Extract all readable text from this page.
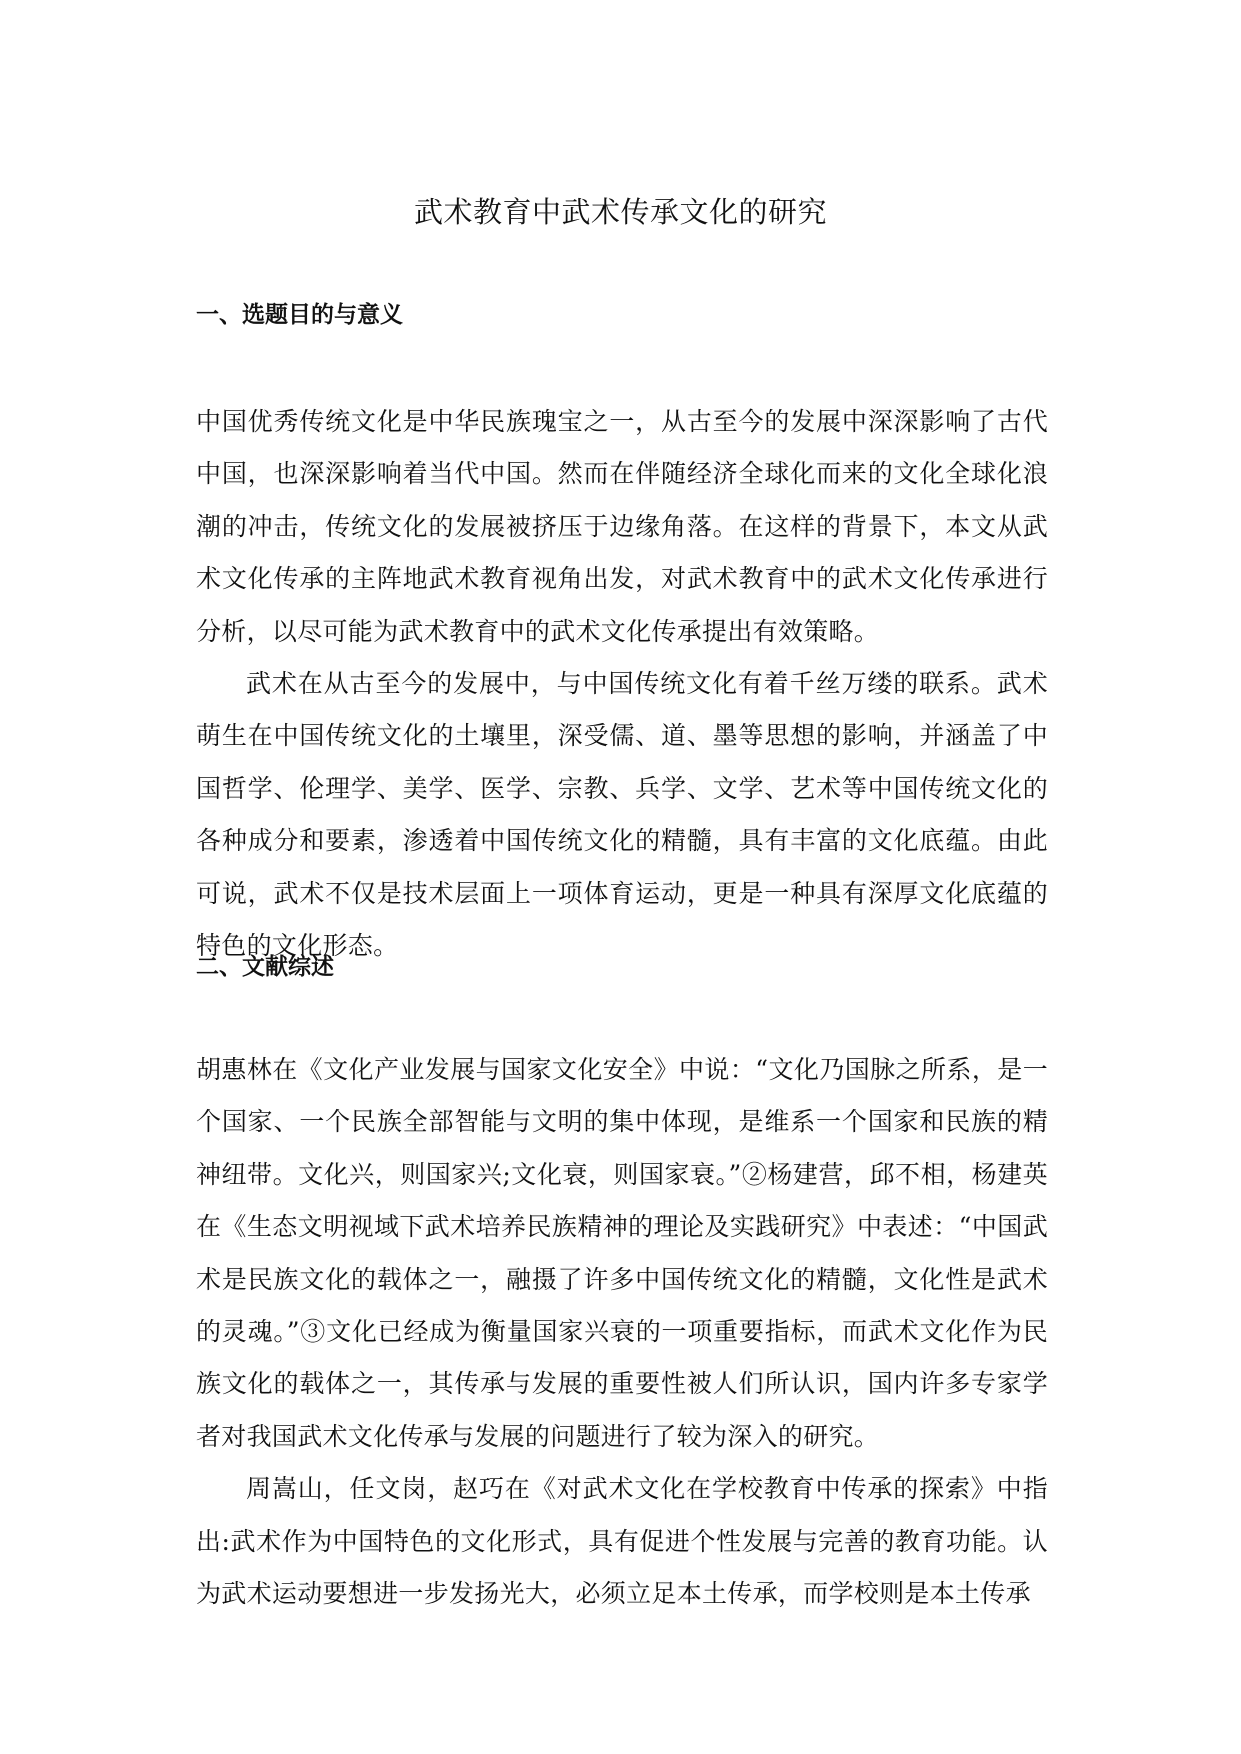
武术教育中武术传承文化的研究
一、选题目的与意义

中国优秀传统文化是中华民族瑰宝之一，从古至今的发展中深深影响了古代中国，也深深影响着当代中国。然而在伴随经济全球化而来的文化全球化浪潮的冲击，传统文化的发展被挤压于边缘角落。在这样的背景下，本文从武术文化传承的主阵地武术教育视角出发，对武术教育中的武术文化传承进行分析，以尽可能为武术教育中的武术文化传承提出有效策略。

武术在从古至今的发展中，与中国传统文化有着千丝万缕的联系。武术萌生在中国传统文化的土壤里，深受儒、道、墨等思想的影响，并涵盖了中国哲学、伦理学、美学、医学、宗教、兵学、文学、艺术等中国传统文化的各种成分和要素，渗透着中国传统文化的精髓，具有丰富的文化底蕴。由此可说，武术不仅是技术层面上一项体育运动，更是一种具有深厚文化底蕴的特色的文化形态。

二、文献综述

胡惠林在《文化产业发展与国家文化安全》中说：“文化乃国脉之所系，是一个国家、一个民族全部智能与文明的集中体现，是维系一个国家和民族的精神纽带。文化兴，则国家兴;文化衰，则国家衰。”②杨建营，邱不相，杨建英在《生态文明视域下武术培养民族精神的理论及实践研究》中表述：“中国武术是民族文化的载体之一，融摄了许多中国传统文化的精髓，文化性是武术的灵魂。”③文化已经成为衡量国家兴衰的一项重要指标，而武术文化作为民族文化的载体之一，其传承与发展的重要性被人们所认识，国内许多专家学者对我国武术文化传承与发展的问题进行了较为深入的研究。

周嵩山，任文岗，赵巧在《对武术文化在学校教育中传承的探索》中指出:武术作为中国特色的文化形式，具有促进个性发展与完善的教育功能。认为武术运动要想进一步发扬光大，必须立足本土传承，而学校则是本土传承
